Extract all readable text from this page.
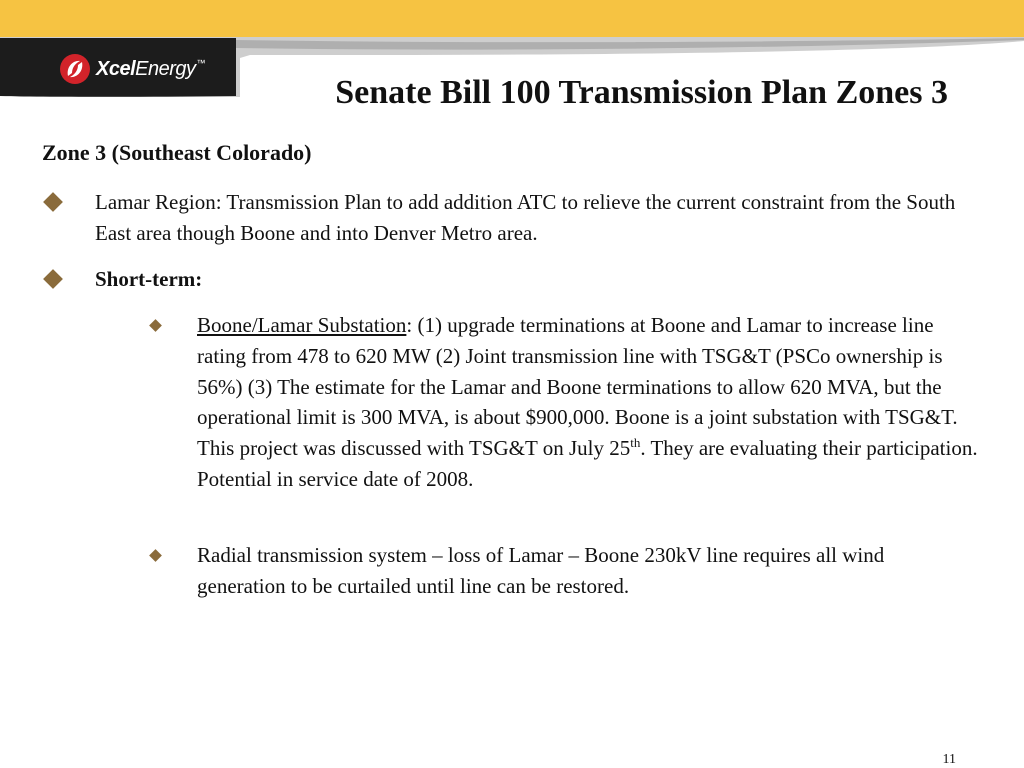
XcelEnergy™
Senate Bill 100 Transmission Plan Zones 3
Zone 3 (Southeast Colorado)
Lamar Region: Transmission Plan to add addition ATC to relieve the current constraint from the South East area though Boone and into Denver Metro area.
Short-term:
Boone/Lamar Substation: (1) upgrade terminations at Boone and Lamar to increase line rating from 478 to 620 MW (2) Joint transmission line with TSG&T (PSCo ownership is 56%) (3) The estimate for the Lamar and Boone terminations to allow 620 MVA, but the operational limit is 300 MVA, is about $900,000. Boone is a joint substation with TSG&T. This project was discussed with TSG&T on July 25th. They are evaluating their participation. Potential in service date of 2008.
Radial transmission system – loss of Lamar – Boone 230kV line requires all wind generation to be curtailed until line can be restored.
11
